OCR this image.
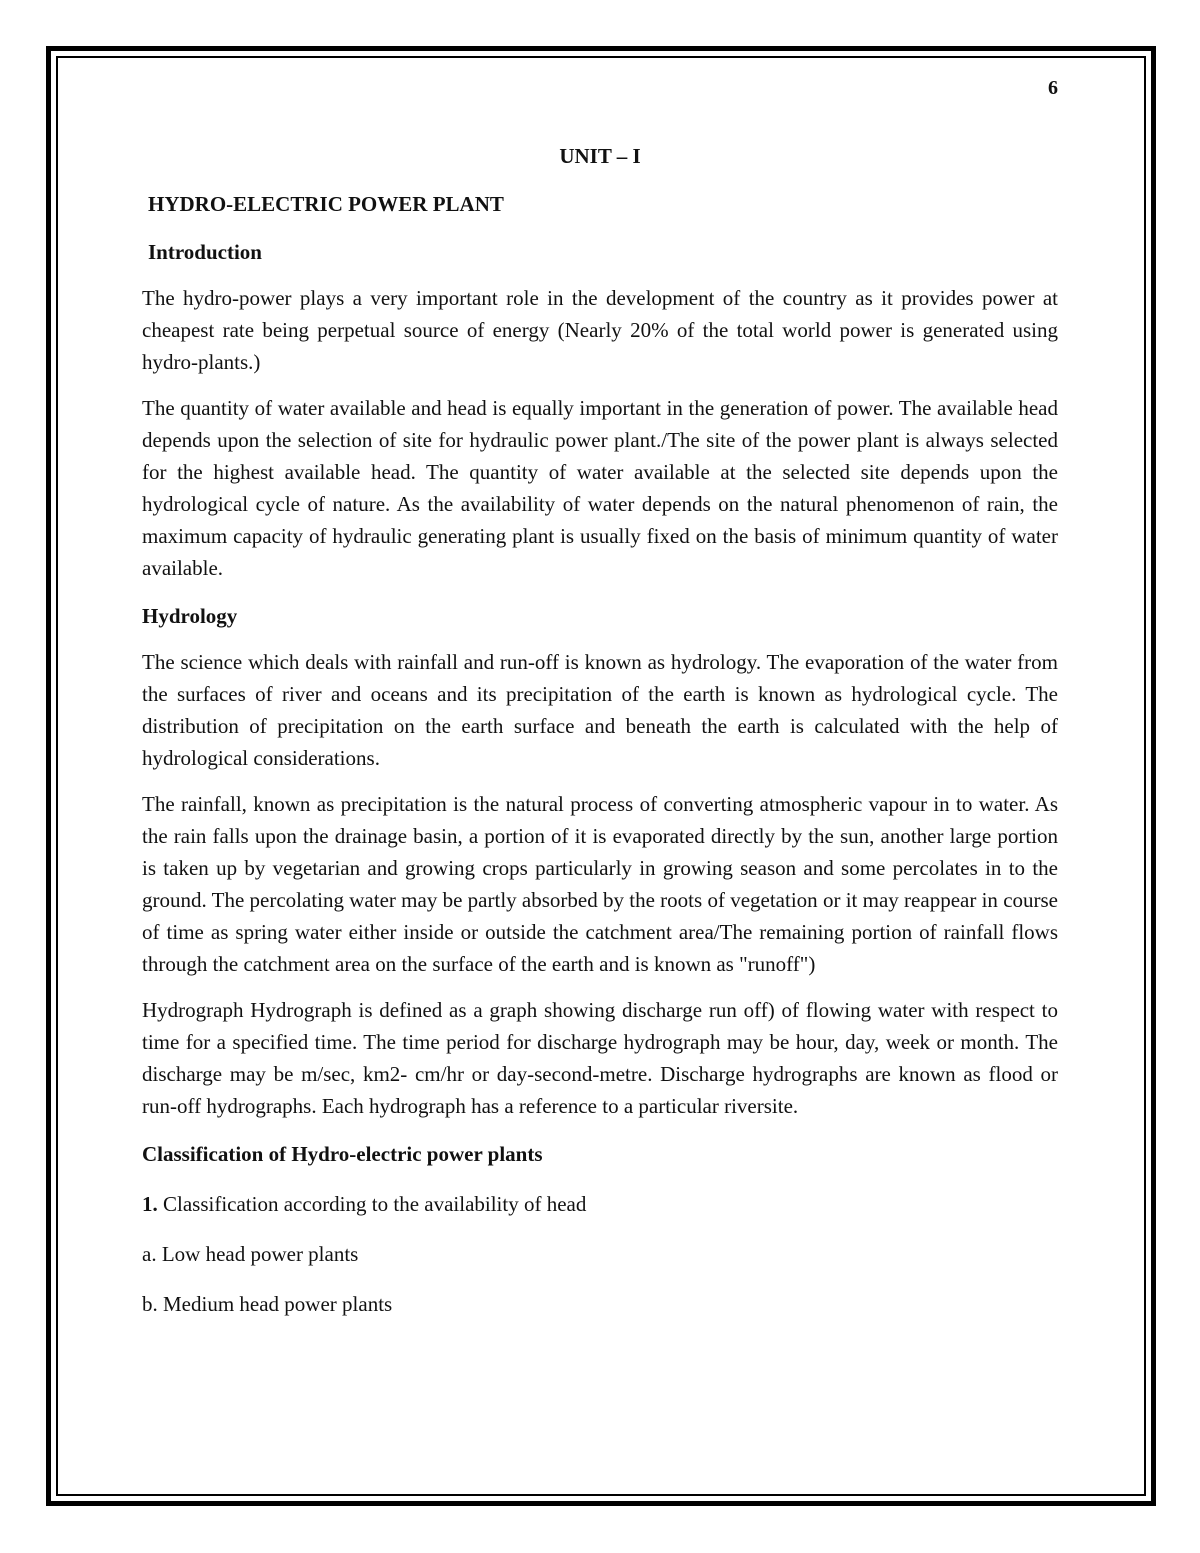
6

UNIT – I

HYDRO-ELECTRIC POWER PLANT

Introduction

The hydro-power plays a very important role in the development of the country as it provides power at cheapest rate being perpetual source of energy (Nearly 20% of the total world power is generated using hydro-plants.)

The quantity of water available and head is equally important in the generation of power. The available head depends upon the selection of site for hydraulic power plant./The site of the power plant is always selected for the highest available head. The quantity of water available at the selected site depends upon the hydrological cycle of nature. As the availability of water depends on the natural phenomenon of rain, the maximum capacity of hydraulic generating plant is usually fixed on the basis of minimum quantity of water available.

Hydrology

The science which deals with rainfall and run-off is known as hydrology. The evaporation of the water from the surfaces of river and oceans and its precipitation of the earth is known as hydrological cycle. The distribution of precipitation on the earth surface and beneath the earth is calculated with the help of hydrological considerations.

The rainfall, known as precipitation is the natural process of converting atmospheric vapour in to water. As the rain falls upon the drainage basin, a portion of it is evaporated directly by the sun, another large portion is taken up by vegetarian and growing crops particularly in growing season and some percolates in to the ground. The percolating water may be partly absorbed by the roots of vegetation or it may reappear in course of time as spring water either inside or outside the catchment area/The remaining portion of rainfall flows through the catchment area on the surface of the earth and is known as "runoff")

Hydrograph Hydrograph is defined as a graph showing discharge run off) of flowing water with respect to time for a specified time. The time period for discharge hydrograph may be hour, day, week or month. The discharge may be m/sec, km2- cm/hr or day-second-metre. Discharge hydrographs are known as flood or run-off hydrographs. Each hydrograph has a reference to a particular riversite.

Classification of Hydro-electric power plants

1. Classification according to the availability of head

a. Low head power plants

b. Medium head power plants
